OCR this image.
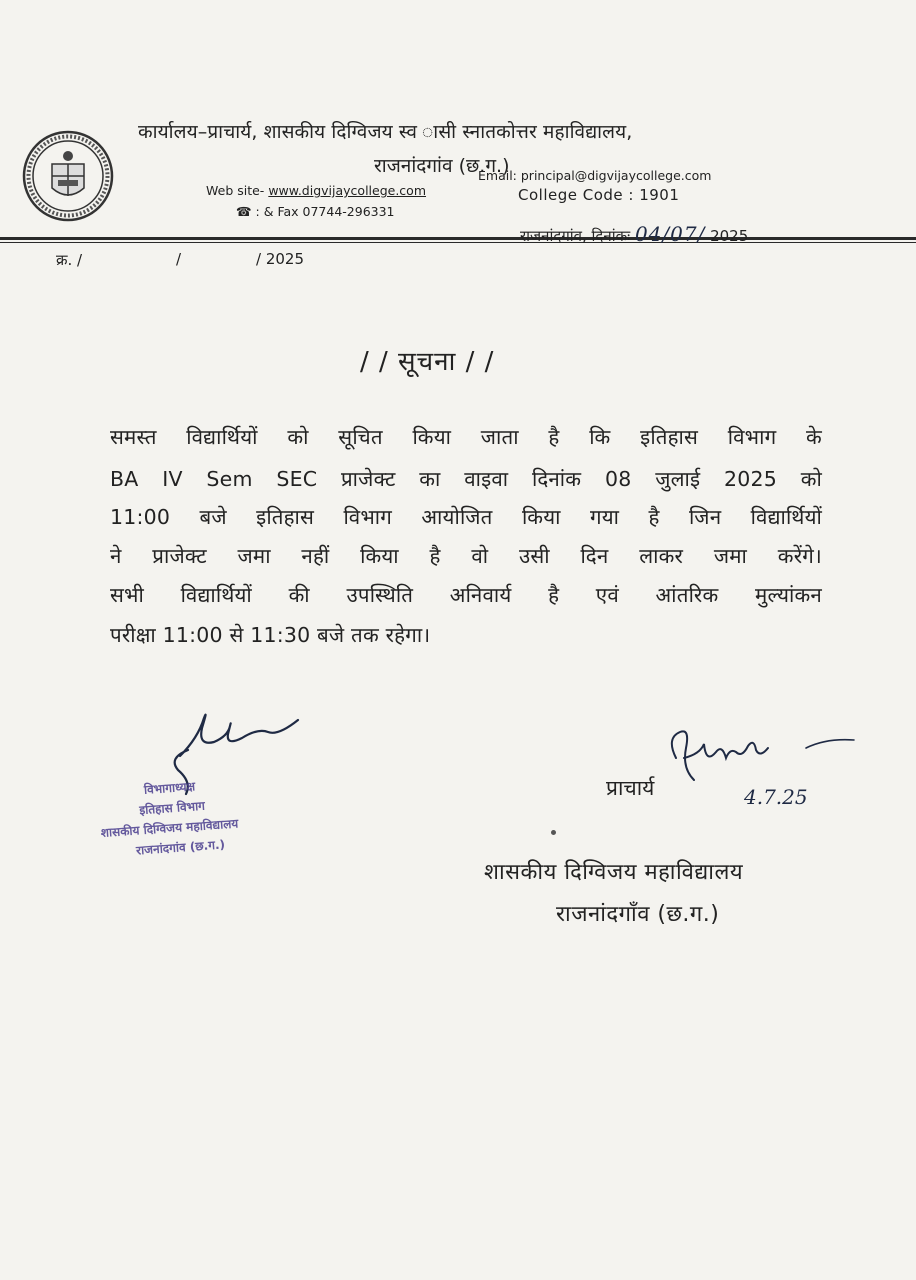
कार्यालय–प्राचार्य, शासकीय दिग्विजय स्व ासी स्नातकोत्तर महाविद्यालय,
राजनांदगांव (छ.ग.)
Web site- www.digvijaycollege.com
☎ : & Fax 07744-296331
Email: principal@digvijaycollege.com
College Code : 1901
क्र. /	/	/ 2025
राजनांदगांव, दिनांकः 04/07/ 2025
/ / सूचना / /
समस्त विद्यार्थियों को सूचित किया जाता है कि इतिहास विभाग के
BA IV Sem SEC प्राजेक्ट का वाइवा दिनांक 08 जुलाई 2025 को
11:00 बजे इतिहास विभाग आयोजित किया गया है जिन विद्यार्थियों
ने प्राजेक्ट जमा नहीं किया है वो उसी दिन लाकर जमा करेंगे।
सभी विद्यार्थियों की उपस्थिति अनिवार्य है एवं आंतरिक मुल्यांकन
परीक्षा 11:00 से 11:30 बजे तक रहेगा।
विभागाध्यक्ष
इतिहास विभाग
शासकीय दिग्विजय महाविद्यालय
राजनांदगांव (छ.ग.)
प्राचार्य	4.7.25
शासकीय दिग्विजय महाविद्यालय
राजनांदगाँव (छ.ग.)
